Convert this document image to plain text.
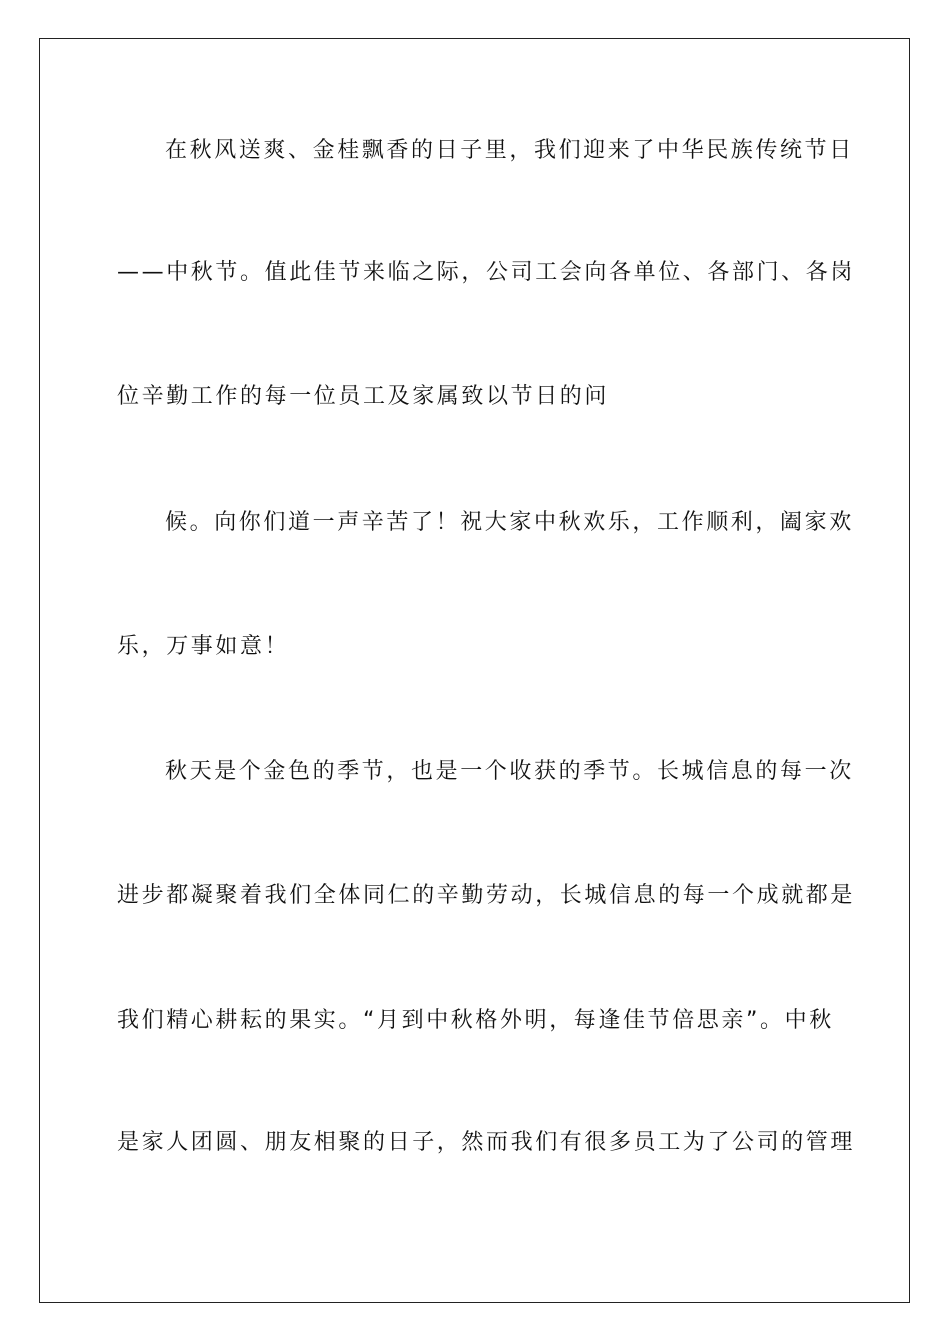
在秋风送爽、金桂飘香的日子里，我们迎来了中华民族传统节日
——中秋节。值此佳节来临之际，公司工会向各单位、各部门、各岗
位辛勤工作的每一位员工及家属致以节日的问
候。向你们道一声辛苦了！祝大家中秋欢乐，工作顺利，阖家欢
乐，万事如意！
秋天是个金色的季节，也是一个收获的季节。长城信息的每一次
进步都凝聚着我们全体同仁的辛勤劳动，长城信息的每一个成就都是
我们精心耕耘的果实。“月到中秋格外明，每逢佳节倍思亲”。中秋
是家人团圆、朋友相聚的日子，然而我们有很多员工为了公司的管理
